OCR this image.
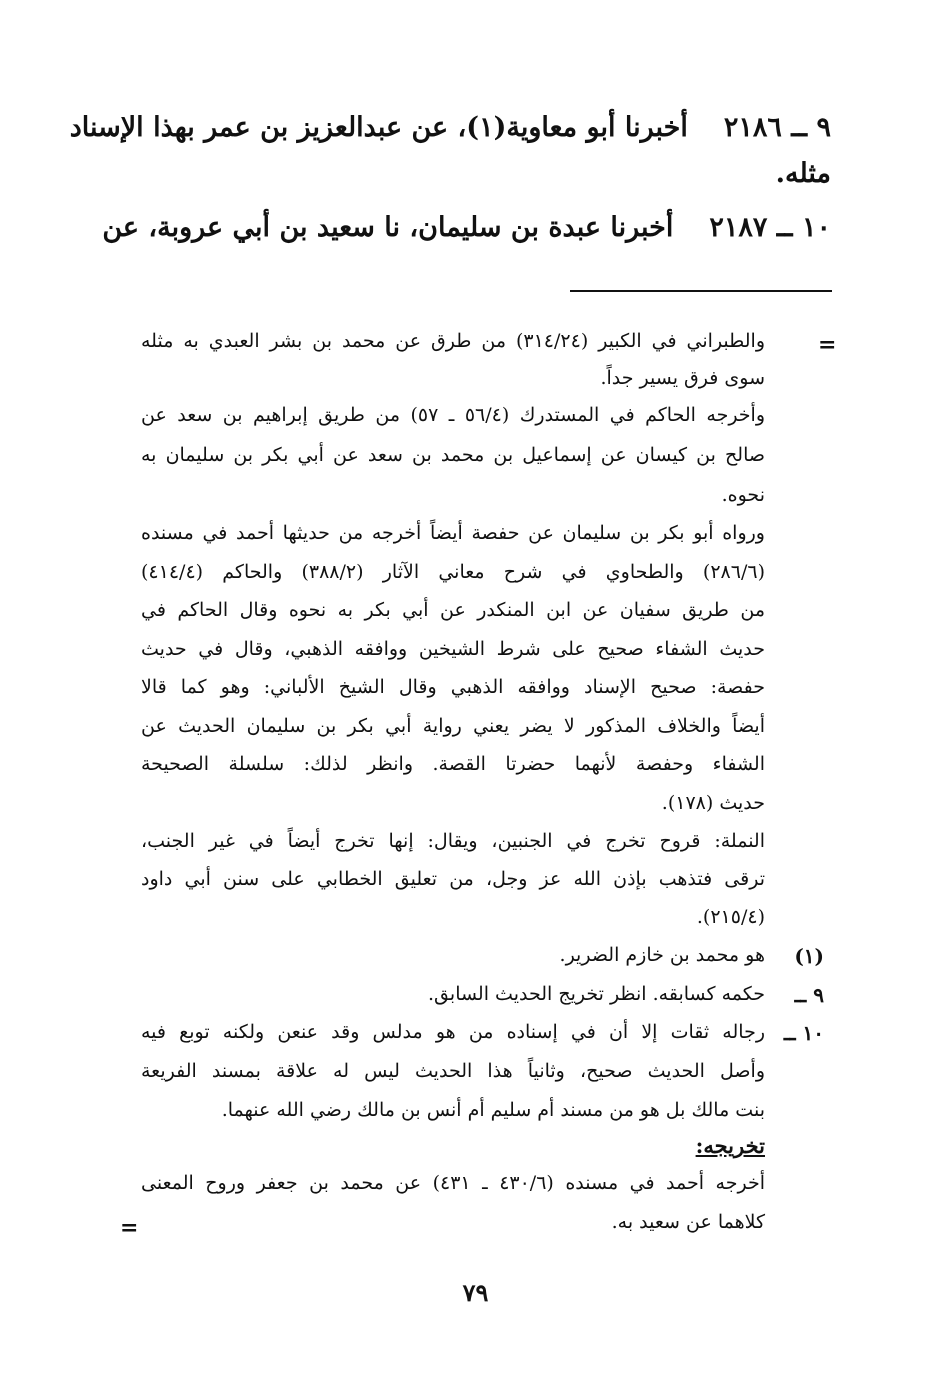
٩ ــ ٢١٨٦أخبرنا أبو معاوية(١)، عن عبدالعزيز بن عمر بهذا الإسناد
مثله.
١٠ ــ ٢١٨٧أخبرنا عبدة بن سليمان، نا سعيد بن أبي عروبة، عن
=
والطبراني في الكبير (٣١٤/٢٤) من طرق عن محمد بن بشر العبدي به مثله
سوى فرق يسير جداً.
وأخرجه الحاكم في المستدرك (٥٦/٤ ـ ٥٧) من طريق إبراهيم بن سعد عن
صالح بن كيسان عن إسماعيل بن محمد بن سعد عن أبي بكر بن سليمان به
نحوه.
ورواه أبو بكر بن سليمان عن حفصة أيضاً أخرجه من حديثها أحمد في مسنده
(٢٨٦/٦) والطحاوي في شرح معاني الآثار (٣٨٨/٢) والحاكم (٤١٤/٤)
من طريق سفيان عن ابن المنكدر عن أبي بكر به نحوه وقال الحاكم في
حديث الشفاء صحيح على شرط الشيخين ووافقه الذهبي، وقال في حديث
حفصة: صحيح الإسناد ووافقه الذهبي وقال الشيخ الألباني: وهو كما قالا
أيضاً والخلاف المذكور لا يضر يعني رواية أبي بكر بن سليمان الحديث عن
الشفاء وحفصة لأنهما حضرتا القصة. وانظر لذلك: سلسلة الصحيحة
حديث (١٧٨).
النملة: قروح تخرج في الجنبين، ويقال: إنها تخرج أيضاً في غير الجنب،
ترقى فتذهب بإذن الله عز وجل، من تعليق الخطابي على سنن أبي داود
(٢١٥/٤).
(١)
هو محمد بن خازم الضرير.
٩ ــ
حكمه كسابقه. انظر تخريج الحديث السابق.
١٠ ــ
رجاله ثقات إلا أن في إسناده من هو مدلس وقد عنعن ولكنه توبع فيه
وأصل الحديث صحيح، وثانياً هذا الحديث ليس له علاقة بمسند الفريعة
بنت مالك بل هو من مسند أم سليم أم أنس بن مالك رضي الله عنهما.
تخريجه:
أخرجه أحمد في مسنده (٤٣٠/٦ ـ ٤٣١) عن محمد بن جعفر وروح المعنى
كلاهما عن سعيد به.
=
٧٩
